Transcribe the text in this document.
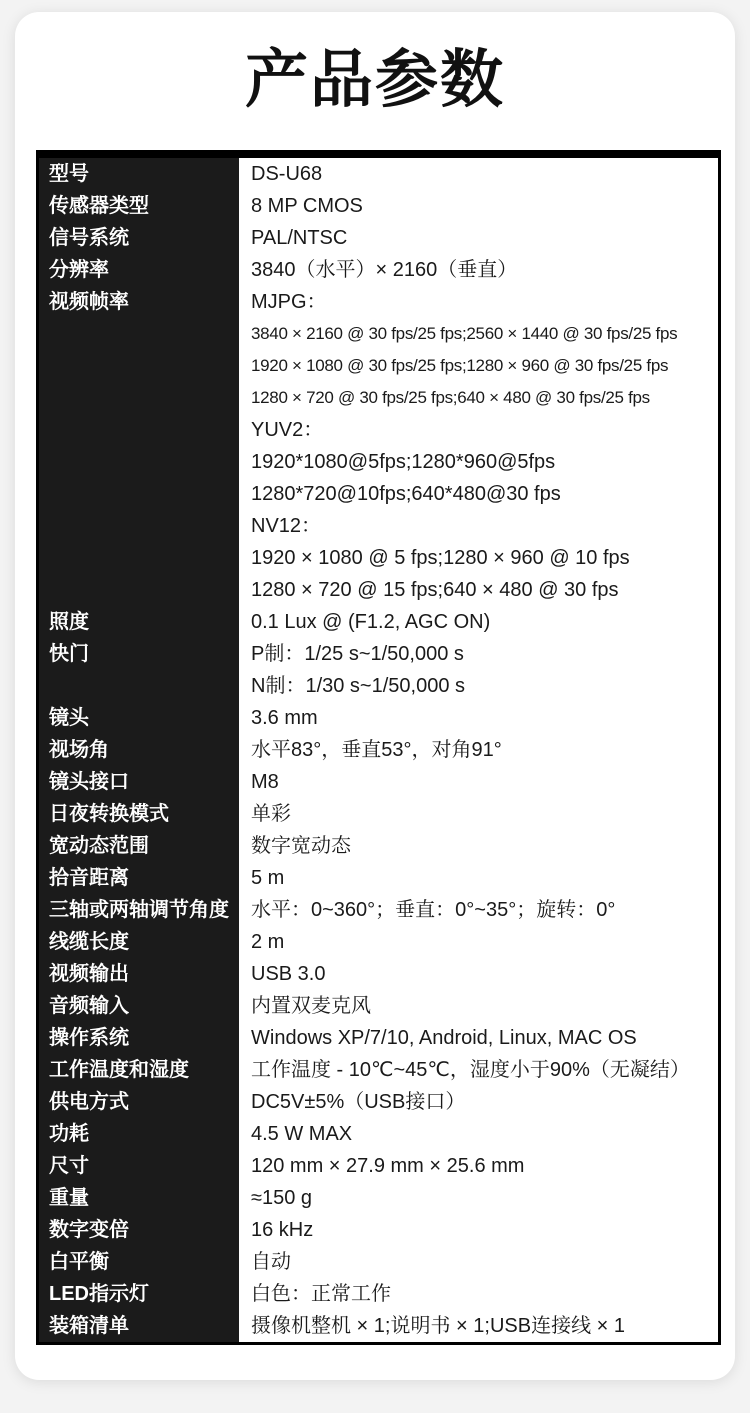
产品参数
型号	DS-U68
传感器类型	8 MP CMOS
信号系统	PAL/NTSC
分辨率	3840（水平）× 2160（垂直）
视频帧率	MJPG：
3840 × 2160 @ 30 fps/25 fps;2560 × 1440 @ 30 fps/25 fps
1920 × 1080 @ 30 fps/25 fps;1280 × 960 @ 30 fps/25 fps
1280 × 720 @ 30 fps/25 fps;640 × 480 @ 30 fps/25 fps
YUV2：
1920*1080@5fps;1280*960@5fps
1280*720@10fps;640*480@30 fps
NV12：
1920 × 1080 @ 5 fps;1280 × 960 @ 10 fps
1280 × 720 @ 15 fps;640 × 480 @ 30 fps
照度	0.1 Lux @ (F1.2, AGC ON)
快门	P制：1/25 s~1/50,000 s
N制：1/30 s~1/50,000 s
镜头	3.6 mm
视场角	水平83°，垂直53°，对角91°
镜头接口	M8
日夜转换模式	单彩
宽动态范围	数字宽动态
拾音距离	5 m
三轴或两轴调节角度	水平：0~360°；垂直：0°~35°；旋转：0°
线缆长度	2 m
视频输出	USB 3.0
音频输入	内置双麦克风
操作系统	Windows XP/7/10, Android, Linux, MAC OS
工作温度和湿度	工作温度 - 10℃~45℃，湿度小于90%（无凝结）
供电方式	DC5V±5%（USB接口）
功耗	4.5 W MAX
尺寸	120 mm × 27.9 mm × 25.6 mm
重量	≈150 g
数字变倍	16 kHz
白平衡	自动
LED指示灯	白色：正常工作
装箱清单	摄像机整机 × 1;说明书 × 1;USB连接线 × 1
